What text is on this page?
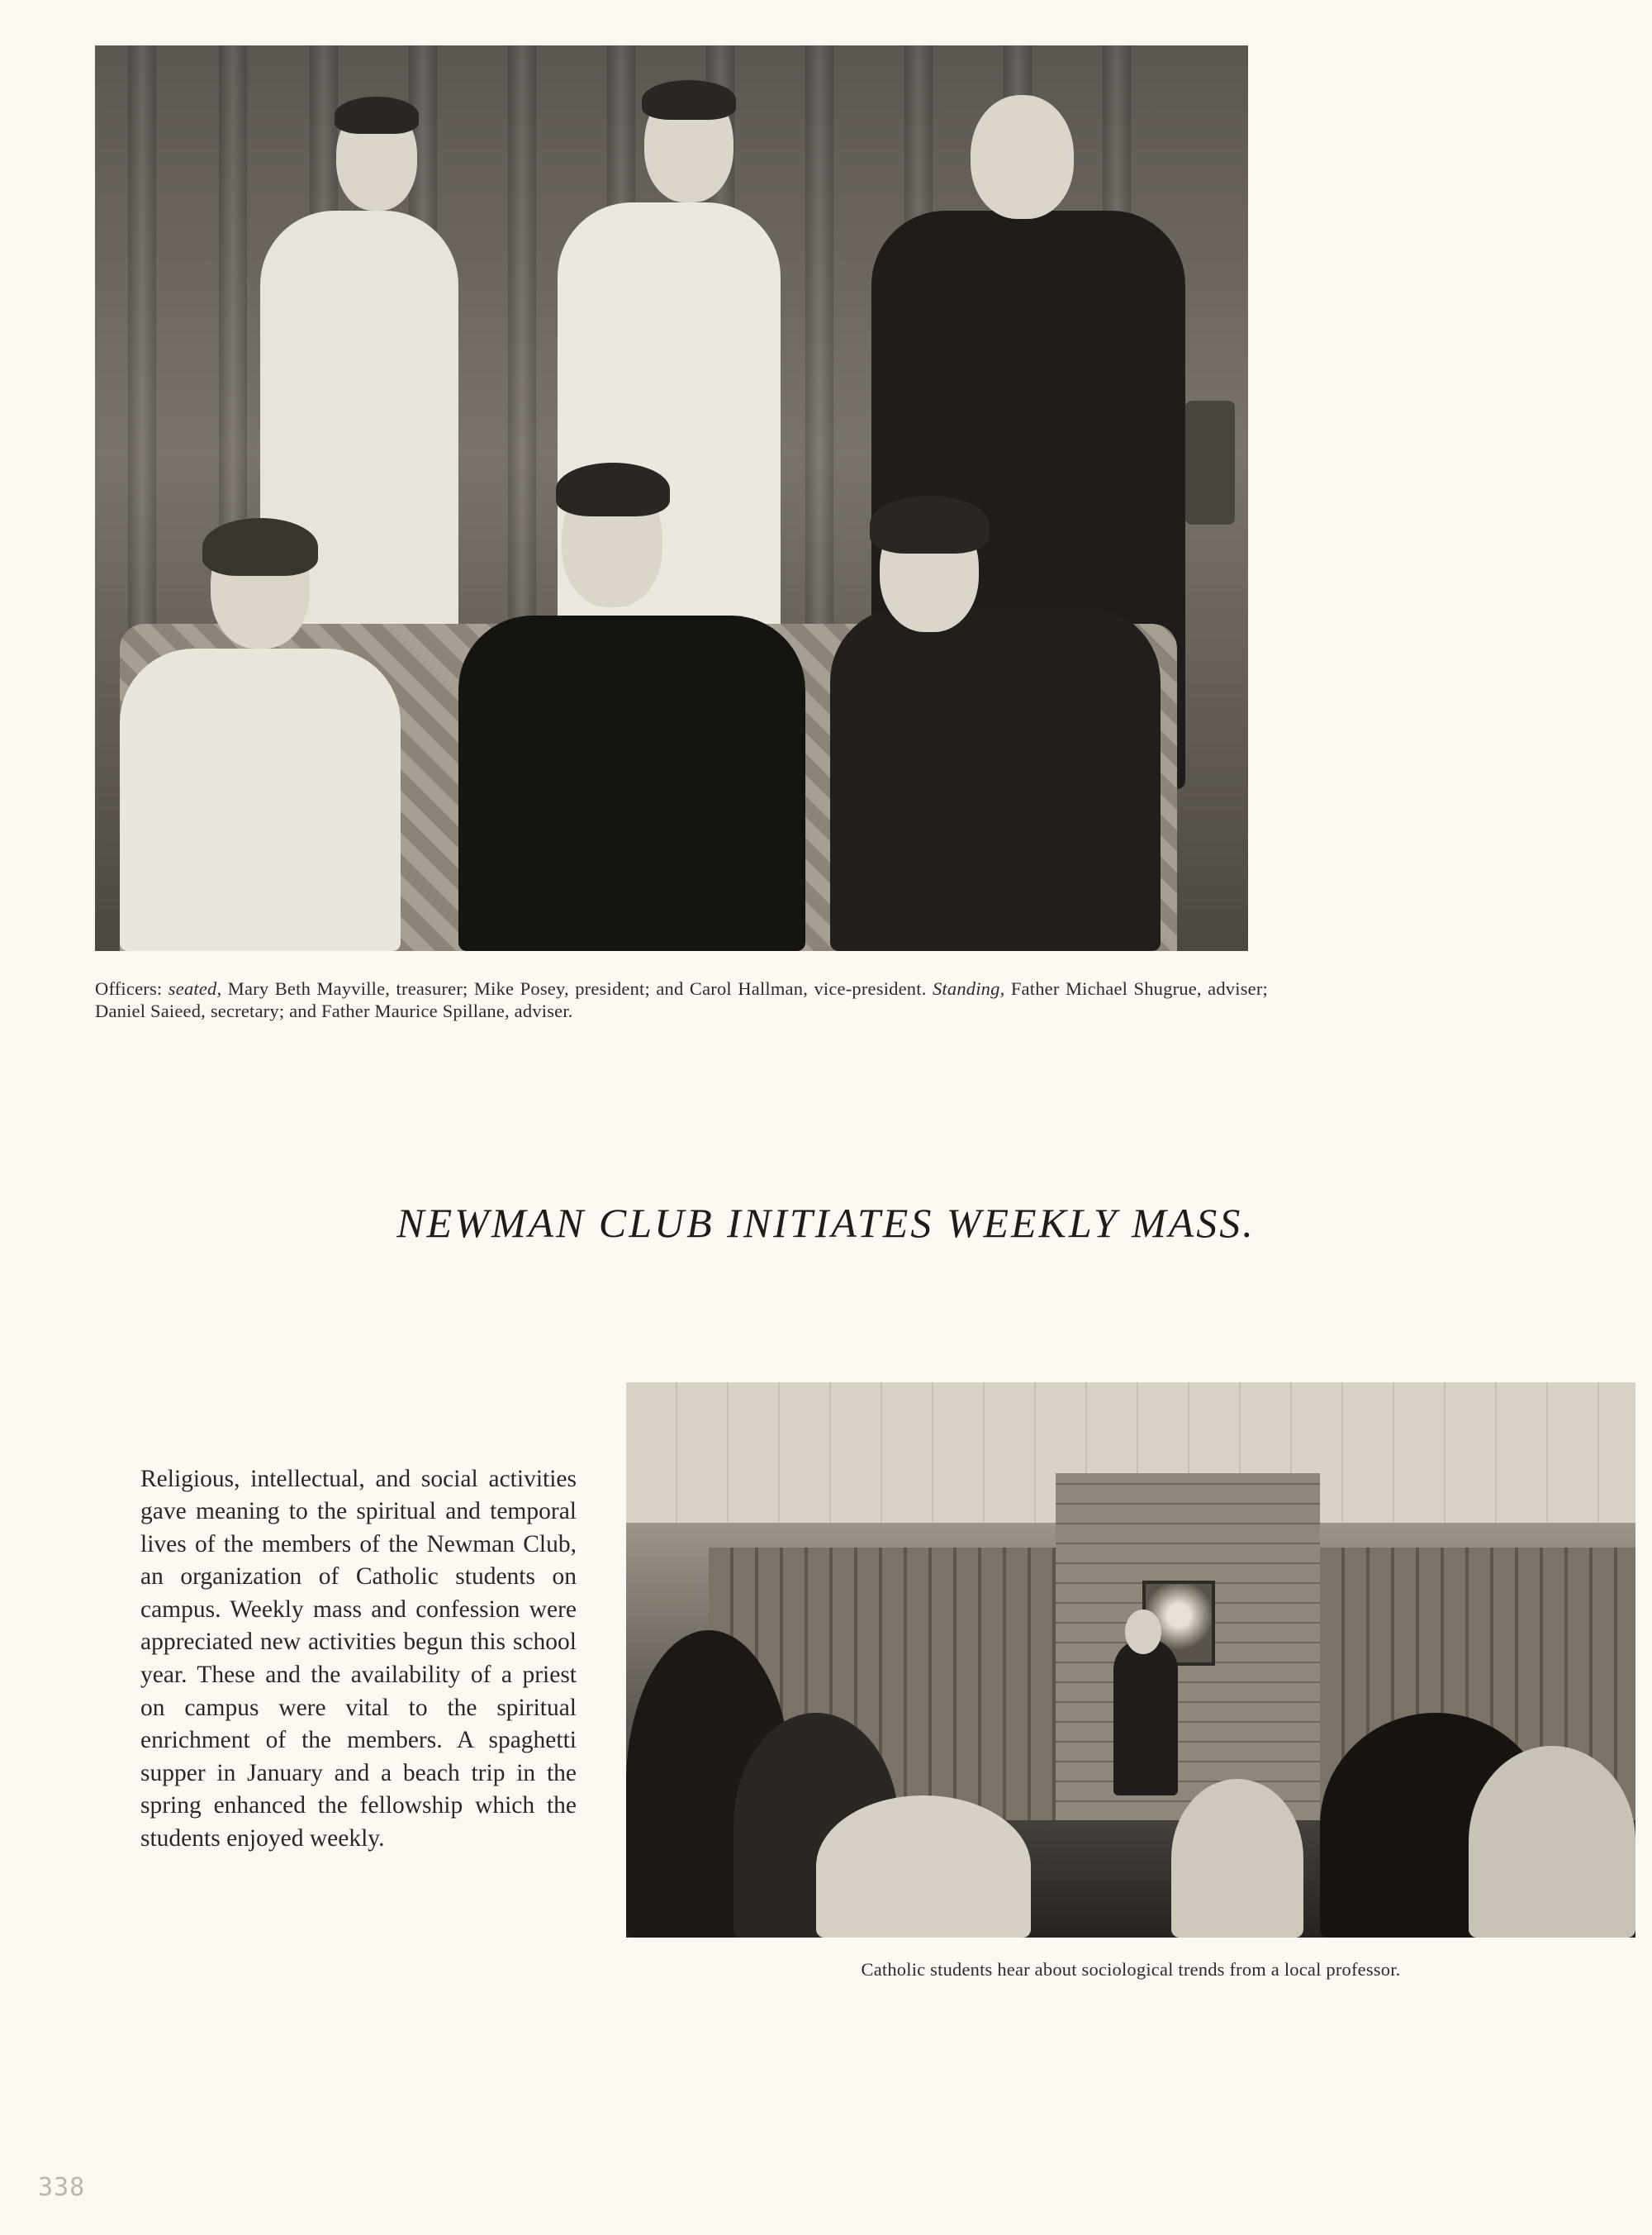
Officers: seated, Mary Beth Mayville, treasurer; Mike Posey, president; and Carol Hallman, vice-president. Standing, Father Michael Shugrue, adviser; Daniel Saieed, secretary; and Father Maurice Spillane, adviser.
NEWMAN CLUB INITIATES WEEKLY MASS.

Religious, intellectual, and social activities gave meaning to the spiritual and temporal lives of the members of the Newman Club, an organization of Catholic students on campus. Weekly mass and confession were appreciated new activities begun this school year. These and the availability of a priest on campus were vital to the spiritual enrichment of the members. A spaghetti supper in January and a beach trip in the spring enhanced the fellowship which the students enjoyed weekly.

Catholic students hear about sociological trends from a local professor.
338
